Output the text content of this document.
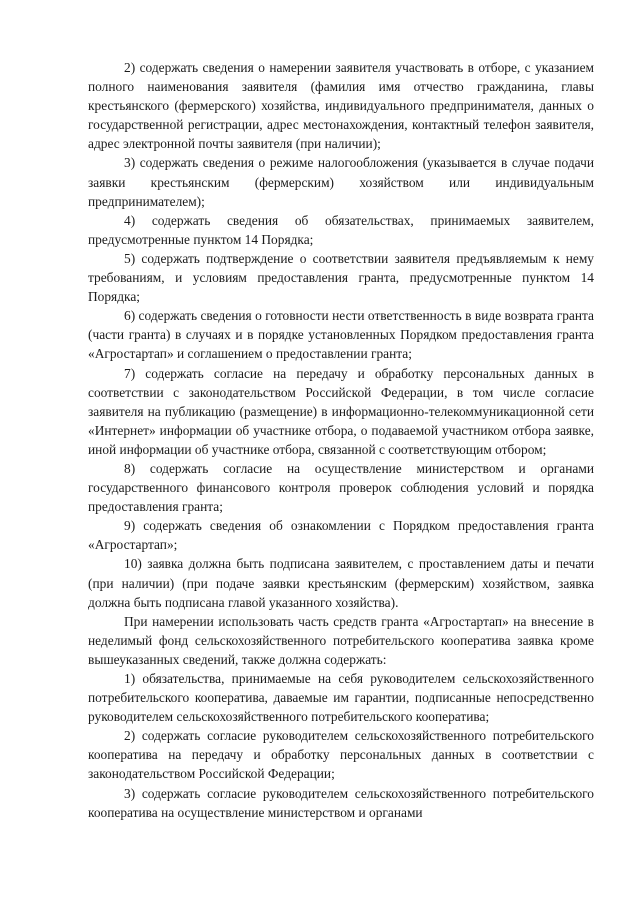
2) содержать сведения о намерении заявителя участвовать в отборе, с указанием полного наименования заявителя (фамилия имя отчество гражданина, главы крестьянского (фермерского) хозяйства, индивидуального предпринимателя, данных о государственной регистрации, адрес местонахождения, контактный телефон заявителя, адрес электронной почты заявителя (при наличии);

3) содержать сведения о режиме налогообложения (указывается в случае подачи заявки крестьянским (фермерским) хозяйством или индивидуальным предпринимателем);

4) содержать сведения об обязательствах, принимаемых заявителем, предусмотренные пунктом 14 Порядка;

5) содержать подтверждение о соответствии заявителя предъявляемым к нему требованиям, и условиям предоставления гранта, предусмотренные пунктом 14 Порядка;

6) содержать сведения о готовности нести ответственность в виде возврата гранта (части гранта) в случаях и в порядке установленных Порядком предоставления гранта «Агростартап» и соглашением о предоставлении гранта;

7) содержать согласие на передачу и обработку персональных данных в соответствии с законодательством Российской Федерации, в том числе согласие заявителя на публикацию (размещение) в информационно-телекоммуникационной сети «Интернет» информации об участнике отбора, о подаваемой участником отбора заявке, иной информации об участнике отбора, связанной с соответствующим отбором;

8) содержать согласие на осуществление министерством и органами государственного финансового контроля проверок соблюдения условий и порядка предоставления гранта;

9) содержать сведения об ознакомлении с Порядком предоставления гранта «Агростартап»;

10) заявка должна быть подписана заявителем, с проставлением даты и печати (при наличии) (при подаче заявки крестьянским (фермерским) хозяйством, заявка должна быть подписана главой указанного хозяйства).

При намерении использовать часть средств гранта «Агростартап» на внесение в неделимый фонд сельскохозяйственного потребительского кооператива заявка кроме вышеуказанных сведений, также должна содержать:

1) обязательства, принимаемые на себя руководителем сельскохозяйственного потребительского кооператива, даваемые им гарантии, подписанные непосредственно руководителем сельскохозяйственного потребительского кооператива;

2) содержать согласие руководителем сельскохозяйственного потребительского кооператива на передачу и обработку персональных данных в соответствии с законодательством Российской Федерации;

3) содержать согласие руководителем сельскохозяйственного потребительского кооператива на осуществление министерством и органами
